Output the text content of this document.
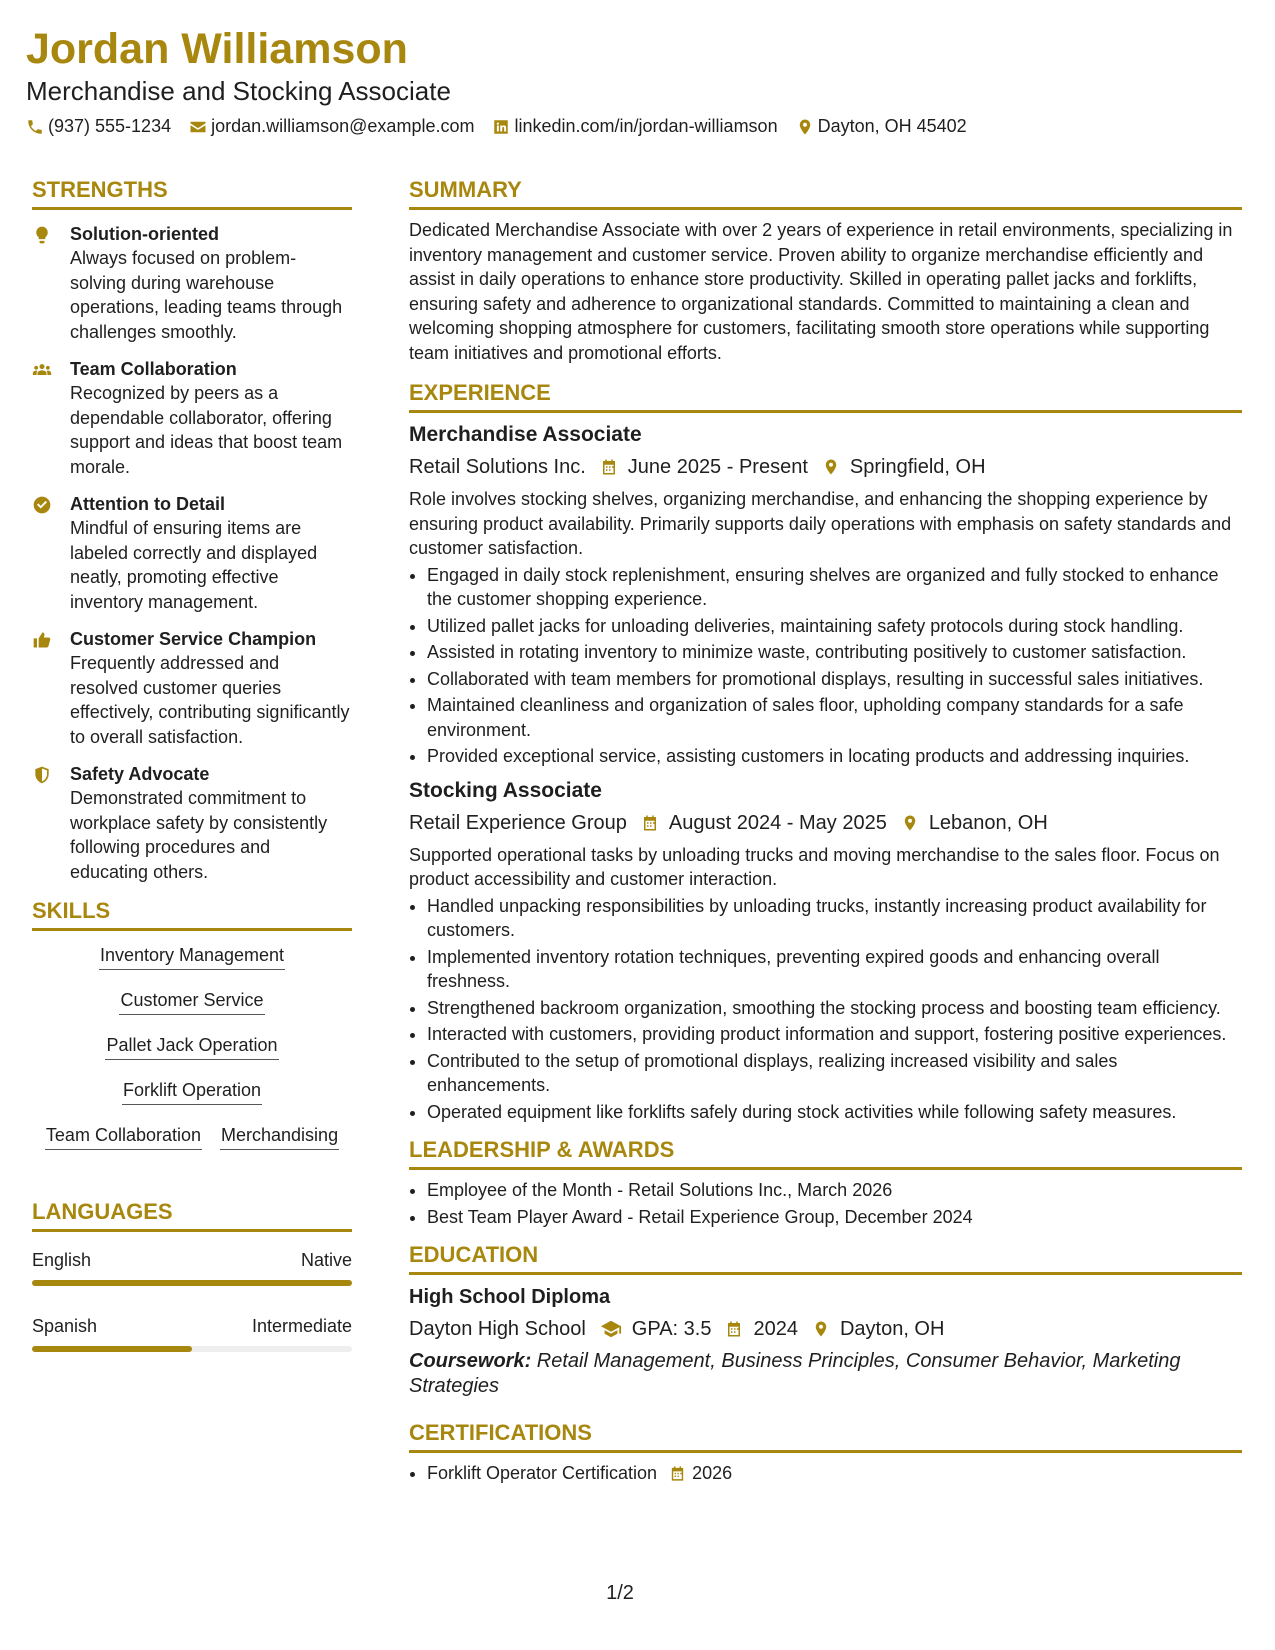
Jordan Williamson
Merchandise and Stocking Associate
(937) 555-1234 jordan.williamson@example.com linkedin.com/in/jordan-williamson Dayton, OH 45402
STRENGTHS
Solution-oriented
Always focused on problem-solving during warehouse operations, leading teams through challenges smoothly.
Team Collaboration
Recognized by peers as a dependable collaborator, offering support and ideas that boost team morale.
Attention to Detail
Mindful of ensuring items are labeled correctly and displayed neatly, promoting effective inventory management.
Customer Service Champion
Frequently addressed and resolved customer queries effectively, contributing significantly to overall satisfaction.
Safety Advocate
Demonstrated commitment to workplace safety by consistently following procedures and educating others.
SKILLS
Inventory Management
Customer Service
Pallet Jack Operation
Forklift Operation
Team Collaboration Merchandising
LANGUAGES
English	Native
Spanish	Intermediate
SUMMARY
Dedicated Merchandise Associate with over 2 years of experience in retail environments, specializing in inventory management and customer service. Proven ability to organize merchandise efficiently and assist in daily operations to enhance store productivity. Skilled in operating pallet jacks and forklifts, ensuring safety and adherence to organizational standards. Committed to maintaining a clean and welcoming shopping atmosphere for customers, facilitating smooth store operations while supporting team initiatives and promotional efforts.
EXPERIENCE
Merchandise Associate
Retail Solutions Inc. June 2025 - Present Springfield, OH
Role involves stocking shelves, organizing merchandise, and enhancing the shopping experience by ensuring product availability. Primarily supports daily operations with emphasis on safety standards and customer satisfaction.
• Engaged in daily stock replenishment, ensuring shelves are organized and fully stocked to enhance the customer shopping experience.
• Utilized pallet jacks for unloading deliveries, maintaining safety protocols during stock handling.
• Assisted in rotating inventory to minimize waste, contributing positively to customer satisfaction.
• Collaborated with team members for promotional displays, resulting in successful sales initiatives.
• Maintained cleanliness and organization of sales floor, upholding company standards for a safe environment.
• Provided exceptional service, assisting customers in locating products and addressing inquiries.
Stocking Associate
Retail Experience Group August 2024 - May 2025 Lebanon, OH
Supported operational tasks by unloading trucks and moving merchandise to the sales floor. Focus on product accessibility and customer interaction.
• Handled unpacking responsibilities by unloading trucks, instantly increasing product availability for customers.
• Implemented inventory rotation techniques, preventing expired goods and enhancing overall freshness.
• Strengthened backroom organization, smoothing the stocking process and boosting team efficiency.
• Interacted with customers, providing product information and support, fostering positive experiences.
• Contributed to the setup of promotional displays, realizing increased visibility and sales enhancements.
• Operated equipment like forklifts safely during stock activities while following safety measures.
LEADERSHIP & AWARDS
• Employee of the Month - Retail Solutions Inc., March 2026
• Best Team Player Award - Retail Experience Group, December 2024
EDUCATION
High School Diploma
Dayton High School GPA: 3.5 2024 Dayton, OH
Coursework: Retail Management, Business Principles, Consumer Behavior, Marketing Strategies
CERTIFICATIONS
• Forklift Operator Certification 2026
1/2
